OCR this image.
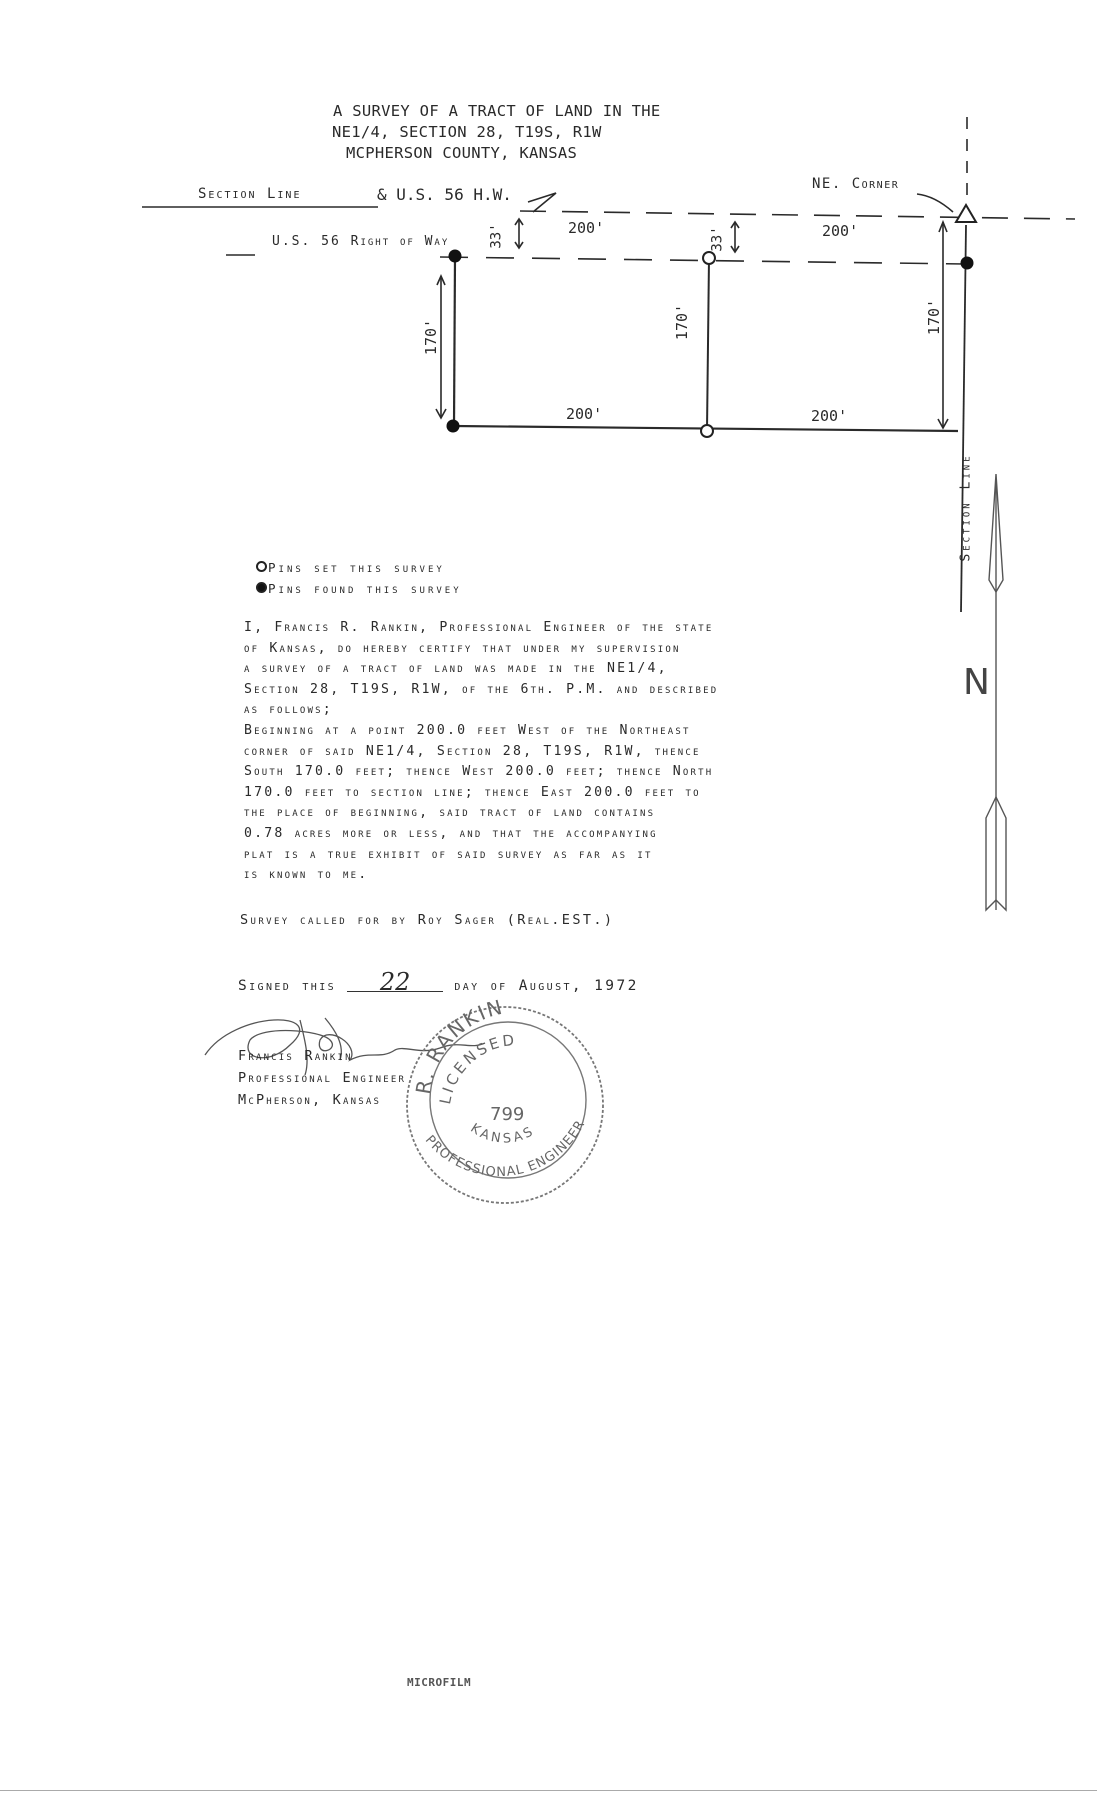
A SURVEY OF A TRACT OF LAND IN THE
NE1/4, SECTION 28, T19S, R1W
MCPHERSON COUNTY, KANSAS
Section Line	& U.S. 56 H.W.
U.S. 56 Right of Way
NE. Corner
200'	200'
200'	200'
170'	170'	170'
33'	33'
Section Line
N
Pins set this survey
Pins found this survey
I, Francis R. Rankin, Professional Engineer of the state
of Kansas, do hereby certify that under my supervision
a survey of a tract of land was made in the NE1/4,
Section 28, T19S, R1W, of the 6th. P.M. and described
as follows;
Beginning at a point 200.0 feet West of the Northeast
corner of said NE1/4, Section 28, T19S, R1W, thence
South 170.0 feet; thence West 200.0 feet; thence North
170.0 feet to section line; thence East 200.0 feet to
the place of beginning, said tract of land contains
0.78 acres more or less, and that the accompanying
plat is a true exhibit of said survey as far as it
is known to me.
Survey called for by Roy Sager (Real.EST.)
Signed this 22	day of August, 1972
Francis Rankin
Professional Engineer
McPherson, Kansas
R. RANKIN
LICENSED
799
KANSAS
PROFESSIONAL ENGINEER
MICROFILM
